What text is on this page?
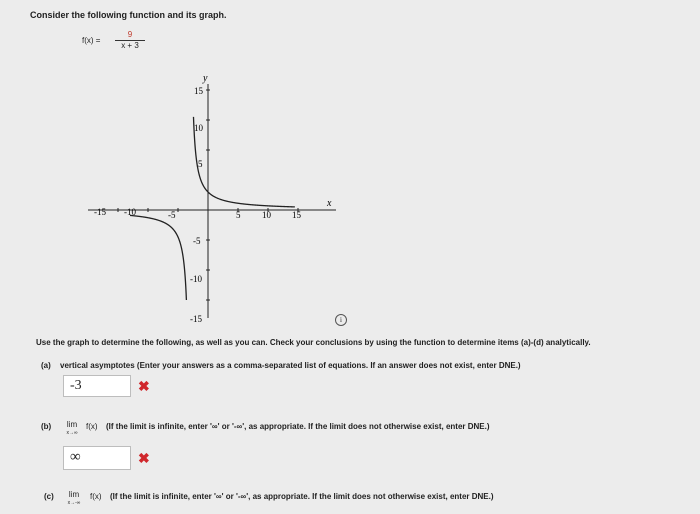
Consider the following function and its graph.
f(x) =
9
x + 3
-15 -10	-5	5 10 15
15
10
5
-5
-10
-15
x
y
i
Use the graph to determine the following, as well as you can. Check your conclusions by using the function to determine items (a)-(d) analytically.
(a) vertical asymptotes (Enter your answers as a comma-separated list of equations. If an answer does not exist, enter DNE.)
-3	✖
(b)	lim
x→∞
f(x) (If the limit is infinite, enter '∞' or '-∞', as appropriate. If the limit does not otherwise exist, enter DNE.)
∞	✖
(c)	lim
x→-∞
f(x) (If the limit is infinite, enter '∞' or '-∞', as appropriate. If the limit does not otherwise exist, enter DNE.)
